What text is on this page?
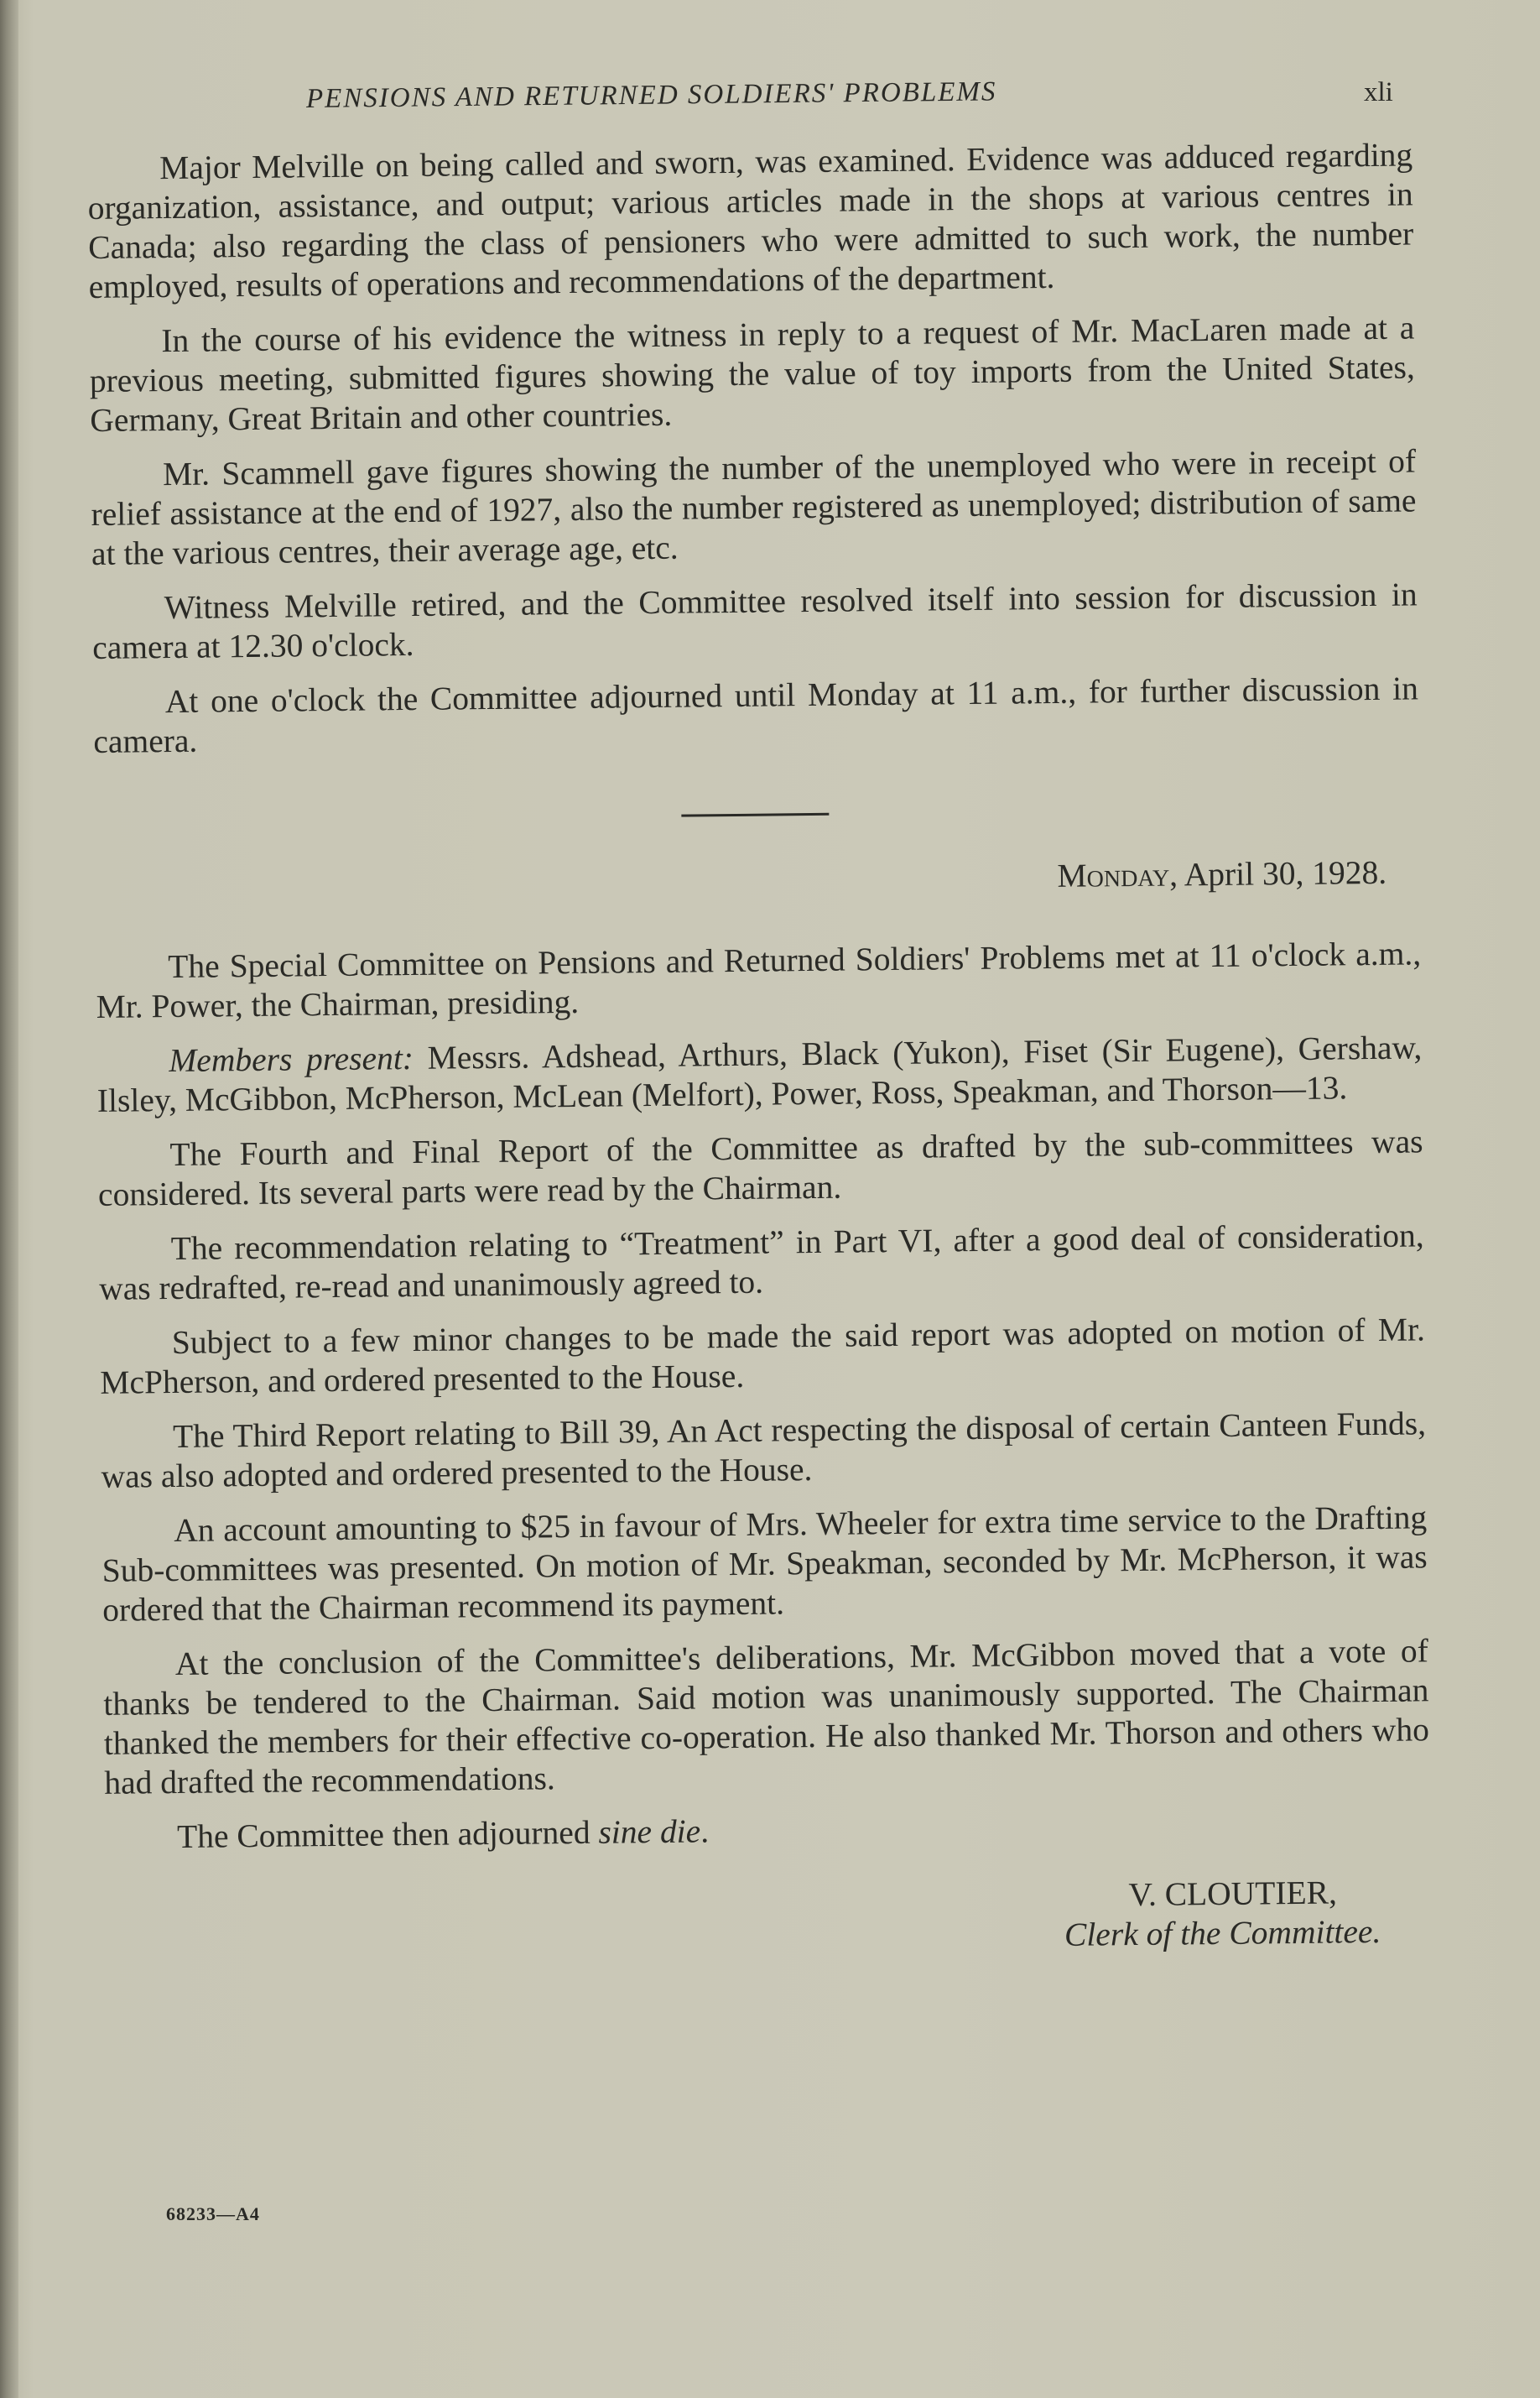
PENSIONS AND RETURNED SOLDIERS' PROBLEMS	xli

Major Melville on being called and sworn, was examined. Evidence was adduced regarding organization, assistance, and output; various articles made in the shops at various centres in Canada; also regarding the class of pensioners who were admitted to such work, the number employed, results of operations and recommendations of the department.

In the course of his evidence the witness in reply to a request of Mr. MacLaren made at a previous meeting, submitted figures showing the value of toy imports from the United States, Germany, Great Britain and other countries.

Mr. Scammell gave figures showing the number of the unemployed who were in receipt of relief assistance at the end of 1927, also the number registered as unemployed; distribution of same at the various centres, their average age, etc.

Witness Melville retired, and the Committee resolved itself into session for discussion in camera at 12.30 o'clock.

At one o'clock the Committee adjourned until Monday at 11 a.m., for further discussion in camera.

Monday, April 30, 1928.

The Special Committee on Pensions and Returned Soldiers' Problems met at 11 o'clock a.m., Mr. Power, the Chairman, presiding.

Members present: Messrs. Adshead, Arthurs, Black (Yukon), Fiset (Sir Eugene), Gershaw, Ilsley, McGibbon, McPherson, McLean (Melfort), Power, Ross, Speakman, and Thorson—13.

The Fourth and Final Report of the Committee as drafted by the sub-committees was considered. Its several parts were read by the Chairman.

The recommendation relating to “Treatment” in Part VI, after a good deal of consideration, was redrafted, re-read and unanimously agreed to.

Subject to a few minor changes to be made the said report was adopted on motion of Mr. McPherson, and ordered presented to the House.

The Third Report relating to Bill 39, An Act respecting the disposal of certain Canteen Funds, was also adopted and ordered presented to the House.

An account amounting to $25 in favour of Mrs. Wheeler for extra time service to the Drafting Sub-committees was presented. On motion of Mr. Speakman, seconded by Mr. McPherson, it was ordered that the Chairman recommend its payment.

At the conclusion of the Committee's deliberations, Mr. McGibbon moved that a vote of thanks be tendered to the Chairman. Said motion was unanimously supported. The Chairman thanked the members for their effective co-operation. He also thanked Mr. Thorson and others who had drafted the recommendations.

The Committee then adjourned sine die.

V. CLOUTIER,
Clerk of the Committee.
68233—A4
